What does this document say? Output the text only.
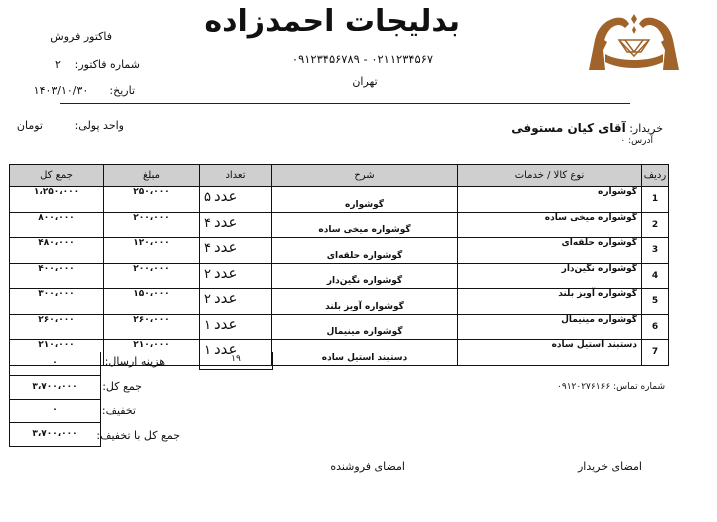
بدلیجات احمدزاده
۰۲۱۱۲۳۴۵۶۷ - ۰۹۱۲۳۴۵۶۷۸۹
تهران
فاکتور فروش
شماره فاکتور:
۲
تاریخ:
۱۴۰۳/۱۰/۳۰
واحد پولی:
تومان	خریدار: آقای کیان مستوفی
آدرس: ۰
ردیف	نوع کالا / خدمات	شرح	تعداد	مبلغ	جمع کل
1	گوشواره	گوشواره	عدد۵	۲۵۰،۰۰۰	۱،۲۵۰،۰۰۰
2	گوشواره میخی ساده	گوشواره میخی ساده	عدد۴	۲۰۰،۰۰۰	۸۰۰،۰۰۰
3	گوشواره حلقه‌ای	گوشواره حلقه‌ای	عدد۴	۱۲۰،۰۰۰	۴۸۰،۰۰۰
4	گوشواره نگین‌دار	گوشواره نگین‌دار	عدد۲	۲۰۰،۰۰۰	۴۰۰،۰۰۰
5	گوشواره آویز بلند	گوشواره آویز بلند	عدد۲	۱۵۰،۰۰۰	۳۰۰،۰۰۰
6	گوشواره مینیمال	گوشواره مینیمال	عدد۱	۲۶۰،۰۰۰	۲۶۰،۰۰۰
7	دستبند استیل ساده	دستبند استیل ساده	عدد۱	۲۱۰،۰۰۰	۲۱۰،۰۰۰
۱۹
۰	هزینه ارسال:
۳،۷۰۰،۰۰۰	جمع کل:
۰	تخفیف:
۳،۷۰۰،۰۰۰	جمع کل با تخفیف:
شماره تماس: ۰۹۱۲۰۲۷۶۱۶۶
امضای خریدار
امضای فروشنده
